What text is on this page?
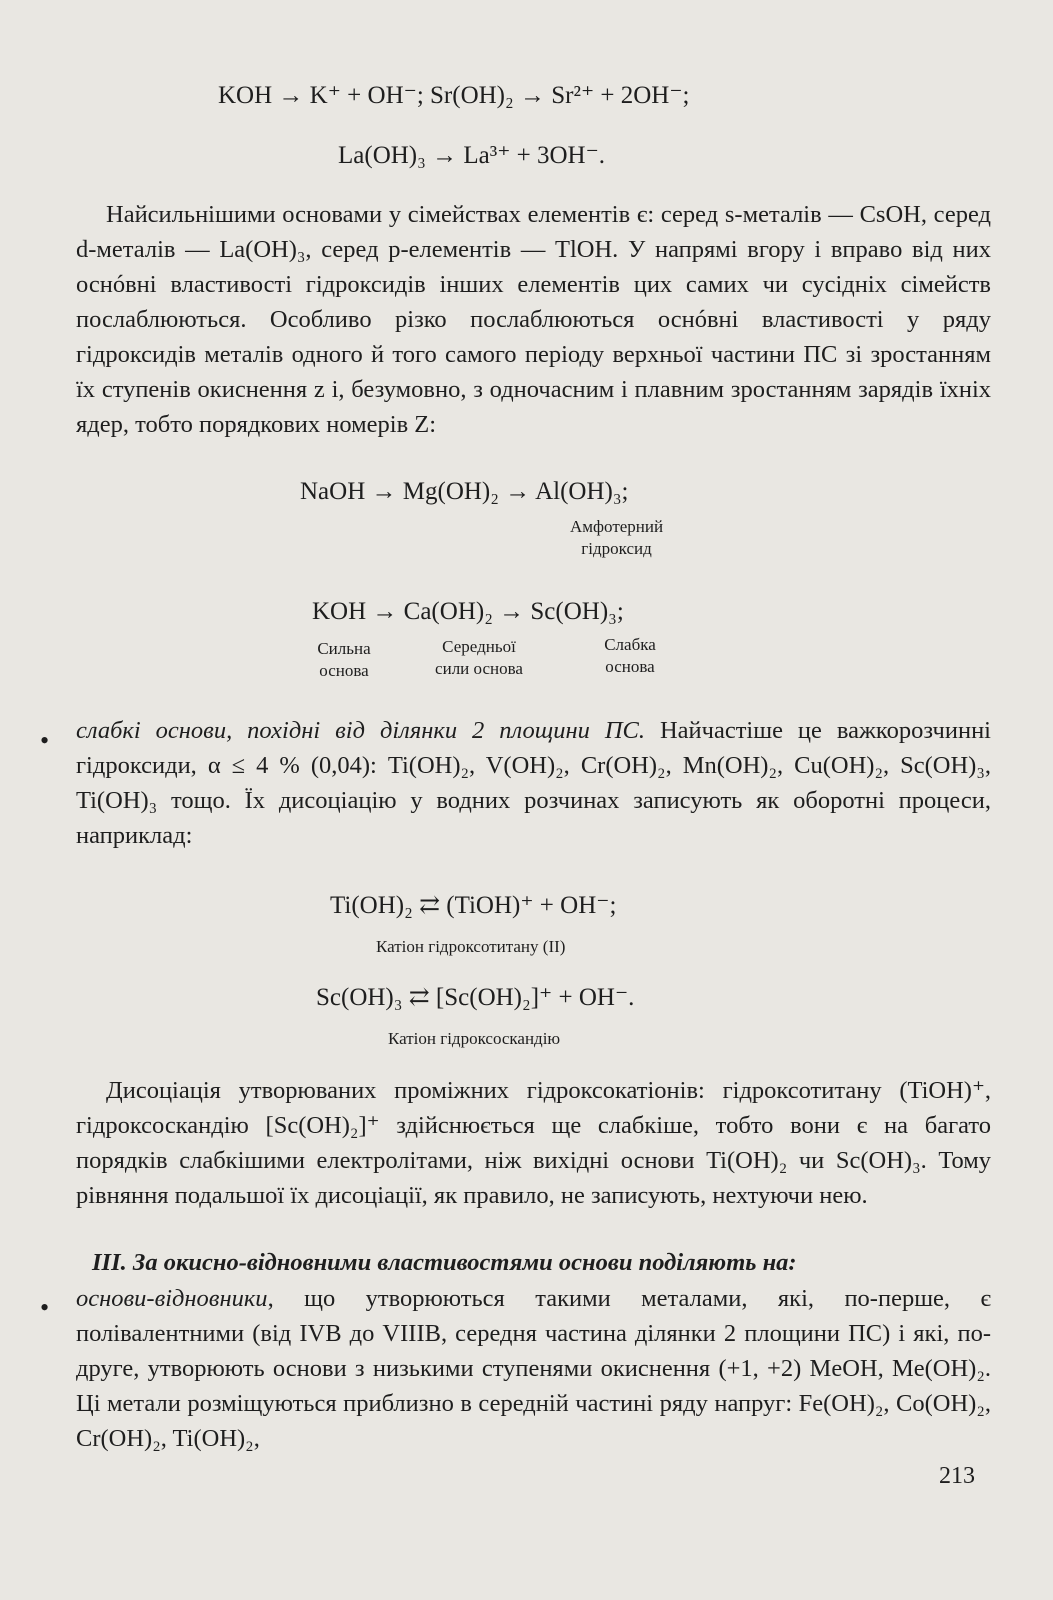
KOH → K⁺ + OH⁻; Sr(OH)₂ → Sr²⁺ + 2OH⁻;
La(OH)₃ → La³⁺ + 3OH⁻.

Найсильнішими основами у сімействах елементів є: серед s-металів — CsOH, серед d-металів — La(OH)₃, серед p-елементів — TlOH. У напрямі вгору і вправо від них оснóвні властивості гідроксидів інших елементів цих самих чи сусідніх сімейств послаблюються. Особливо різко послаблюються оснóвні властивості у ряду гідроксидів металів одного й того самого періоду верхньої частини ПС зі зростанням їх ступенів окиснення z і, безумовно, з одночасним і плавним зростанням зарядів їхніх ядер, тобто порядкових номерів Z:

NaOH → Mg(OH)₂ → Al(OH)₃;
Амфотерний
гідроксид
KOH → Ca(OH)₂ → Sc(OH)₃;
Сильна
основа
Середньої
сили основа
Слабка
основа
• слабкі основи, похідні від ділянки 2 площини ПС. Найчастіше це важкорозчинні гідроксиди, α ≤ 4 % (0,04): Ti(OH)₂, V(OH)₂, Cr(OH)₂, Mn(OH)₂, Cu(OH)₂, Sc(OH)₃, Ti(OH)₃ тощо. Їх дисоціацію у водних розчинах записують як оборотні процеси, наприклад:

Ti(OH)₂ ⇄ (TiOH)⁺ + OH⁻;
Катіон гідроксотитану (ІІ)
Sc(OH)₃ ⇄ [Sc(OH)₂]⁺ + OH⁻.
Катіон гідроксоскандію

Дисоціація утворюваних проміжних гідроксокатіонів: гідроксотитану (TiOH)⁺, гідроксоскандію [Sc(OH)₂]⁺ здійснюється ще слабкіше, тобто вони є на багато порядків слабкішими електролітами, ніж вихідні основи Ti(OH)₂ чи Sc(OH)₃. Тому рівняння подальшої їх дисоціації, як правило, не записують, нехтуючи нею.

ІІІ. За окисно-відновними властивостями основи поділяють на:
• основи-відновники, що утворюються такими металами, які, по-перше, є полівалентними (від IVB до VIIIB, середня частина ділянки 2 площини ПС) і які, по-друге, утворюють основи з низькими ступенями окиснення (+1, +2) MeOH, Me(OH)₂. Ці метали розміщуються приблизно в середній частині ряду напруг: Fe(OH)₂, Co(OH)₂, Cr(OH)₂, Ti(OH)₂,

213
